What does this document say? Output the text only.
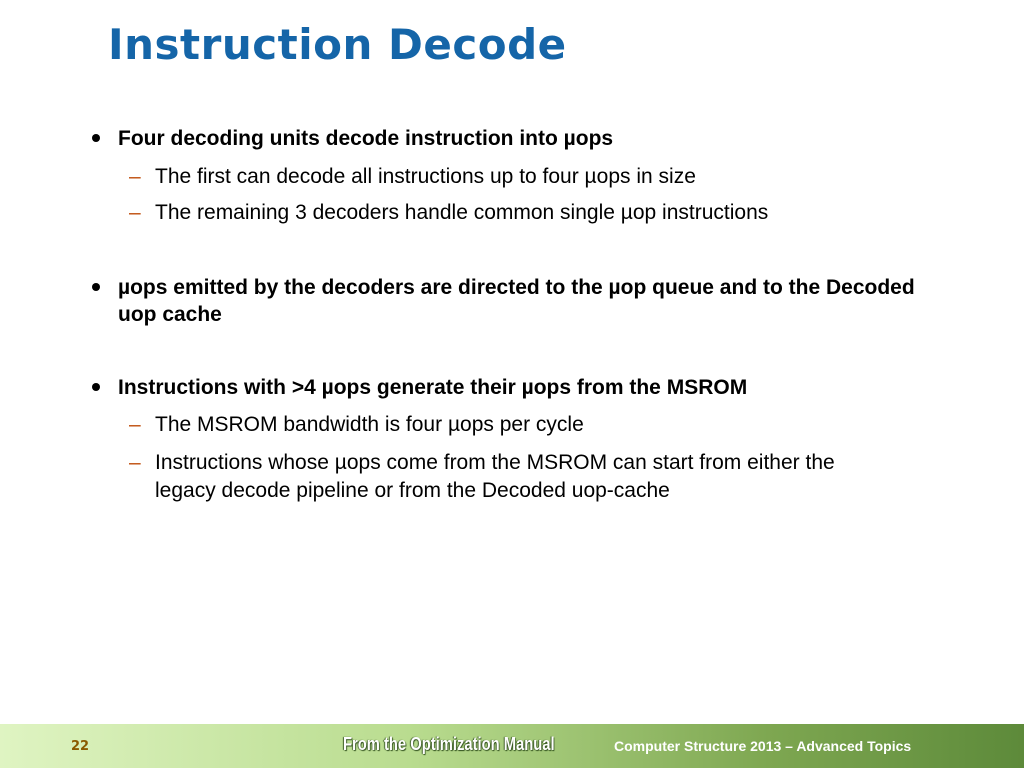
Instruction Decode
Four decoding units decode instruction into µops
– The first can decode all instructions up to four µops in size
– The remaining 3 decoders handle common single µop instructions
µops emitted by the decoders are directed to the µop queue and to the Decoded uop cache
Instructions with >4 µops generate their µops from the MSROM
– The MSROM bandwidth is four µops per cycle
– Instructions whose µops come from the MSROM can start from either the legacy decode pipeline or from the Decoded uop-cache
22	From the Optimization Manual	Computer Structure 2013 – Advanced Topics
